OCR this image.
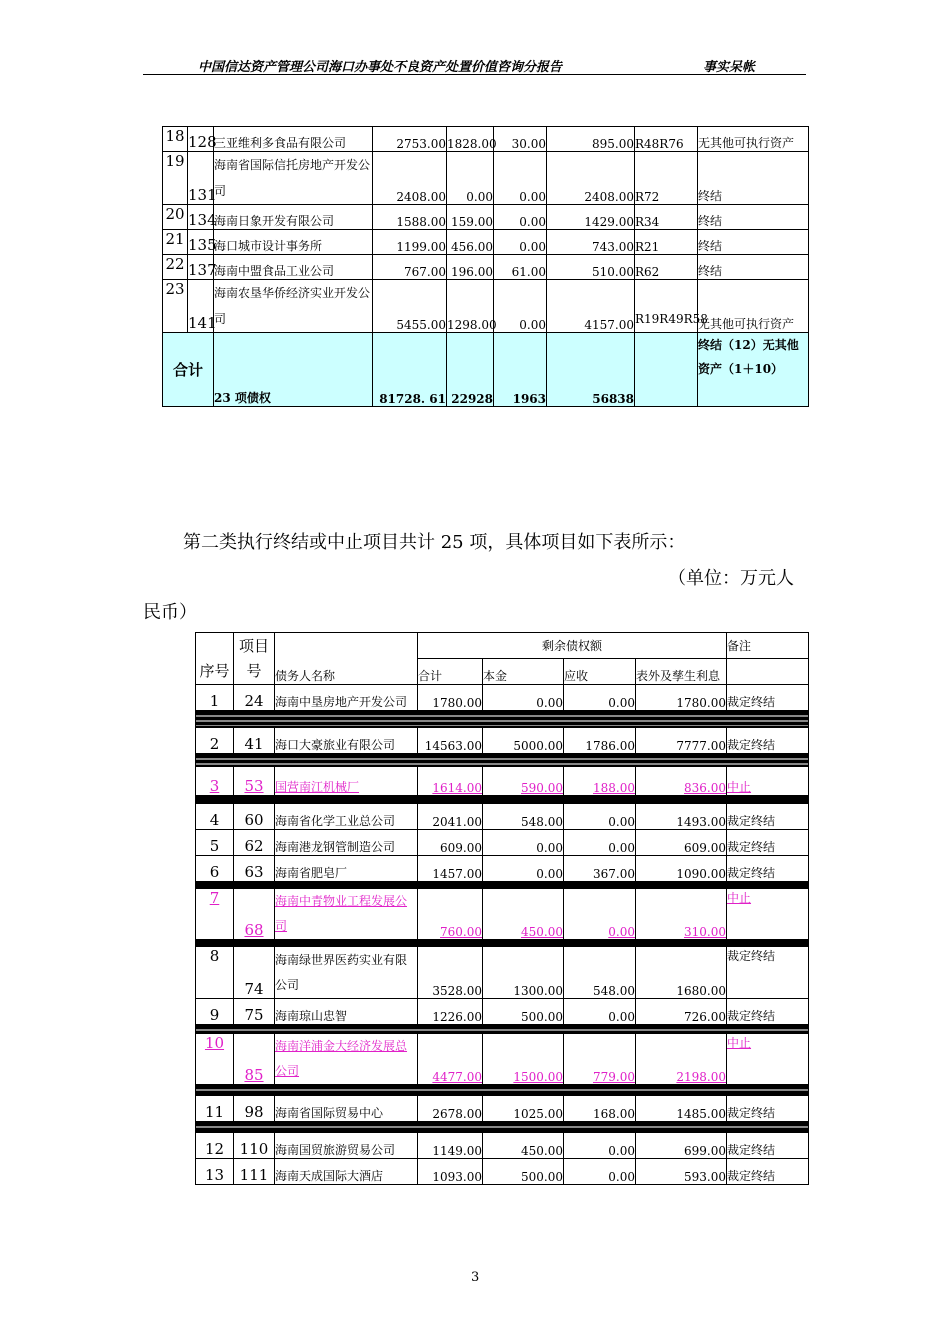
中国信达资产管理公司海口办事处不良资产处置价值咨询分报告	事实呆帐
18	128	三亚维利多食品有限公司	2753.00	1828.00	30.00	895.00	R48R76	无其他可执行资产
19	131	海南省国际信托房地产开发公司	2408.00	0.00	0.00	2408.00	R72	终结
20	134	海南日象开发有限公司	1588.00	159.00	0.00	1429.00	R34	终结
21	135	海口城市设计事务所	1199.00	456.00	0.00	743.00	R21	终结
22	137	海南中盟食品工业公司	767.00	196.00	61.00	510.00	R62	终结
23	141	海南农垦华侨经济实业开发公司	5455.00	1298.00	0.00	4157.00	R19R49R58	无其他可执行资产
合计		23 项债权	81728. 61	22928	1963	56838		终结（12）无其他资产（1＋10）
第二类执行终结或中止项目共计 25 项，具体项目如下表所示：
（单位：万元人
民币）
序号	项目号	债务人名称	剩余债权额				备注
			合计	本金	应收	表外及孳生利息	
1	24	海南中垦房地产开发公司	1780.00	0.00	0.00	1780.00	裁定终结

2	41	海口大豪旅业有限公司	14563.00	5000.00	1786.00	7777.00	裁定终结

3	53	国营南江机械厂	1614.00	590.00	188.00	836.00	中止

4	60	海南省化学工业总公司	2041.00	548.00	0.00	1493.00	裁定终结
5	62	海南港龙钢管制造公司	609.00	0.00	0.00	609.00	裁定终结
6	63	海南省肥皂厂	1457.00	0.00	367.00	1090.00	裁定终结

7	68	海南中青物业工程发展公司	760.00	450.00	0.00	310.00	中止

8	74	海南绿世界医药实业有限公司	3528.00	1300.00	548.00	1680.00	裁定终结
9	75	海南琼山忠智	1226.00	500.00	0.00	726.00	裁定终结

10	85	海南洋浦金大经济发展总公司	4477.00	1500.00	779.00	2198.00	中止

11	98	海南省国际贸易中心	2678.00	1025.00	168.00	1485.00	裁定终结

12	110	海南国贸旅游贸易公司	1149.00	450.00	0.00	699.00	裁定终结
13	111	海南天成国际大酒店	1093.00	500.00	0.00	593.00	裁定终结
3
